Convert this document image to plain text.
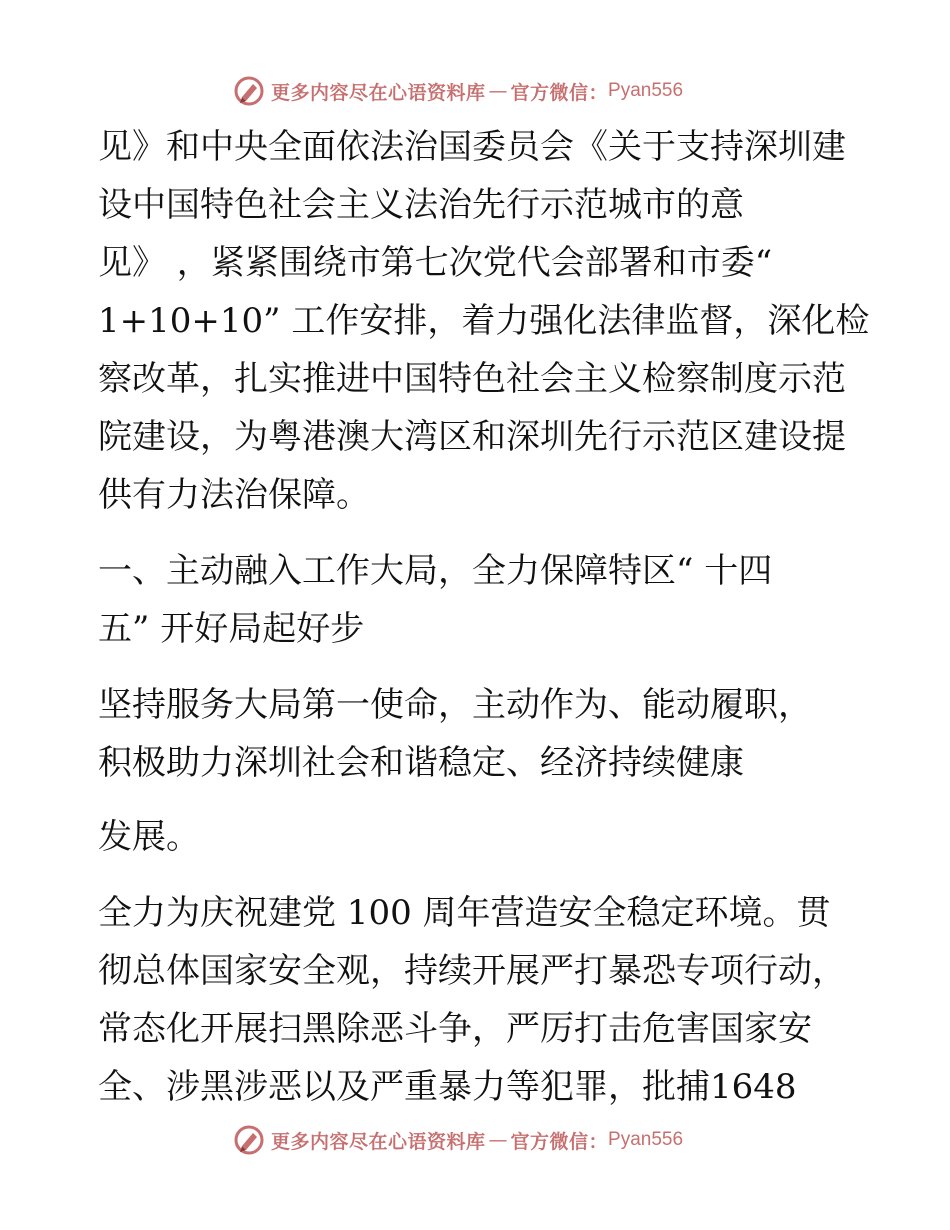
更多内容尽在心语资料库 — 官方微信： Pyan556
见》和中央全面依法治国委员会《关于支持深圳建
设中国特色社会主义法治先行示范城市的意
见》 ，紧紧围绕市第七次党代会部署和市委“
1+10+10” 工作安排，着力强化法律监督，深化检
察改革，扎实推进中国特色社会主义检察制度示范
院建设，为粤港澳大湾区和深圳先行示范区建设提
供有力法治保障。
一、主动融入工作大局，全力保障特区“ 十四
五” 开好局起好步
坚持服务大局第一使命，主动作为、能动履职，
积极助力深圳社会和谐稳定、经济持续健康
发展。
全力为庆祝建党 100 周年营造安全稳定环境。贯
彻总体国家安全观，持续开展严打暴恐专项行动，
常态化开展扫黑除恶斗争，严厉打击危害国家安
全、涉黑涉恶以及严重暴力等犯罪，批捕1648
更多内容尽在心语资料库 — 官方微信： Pyan556
